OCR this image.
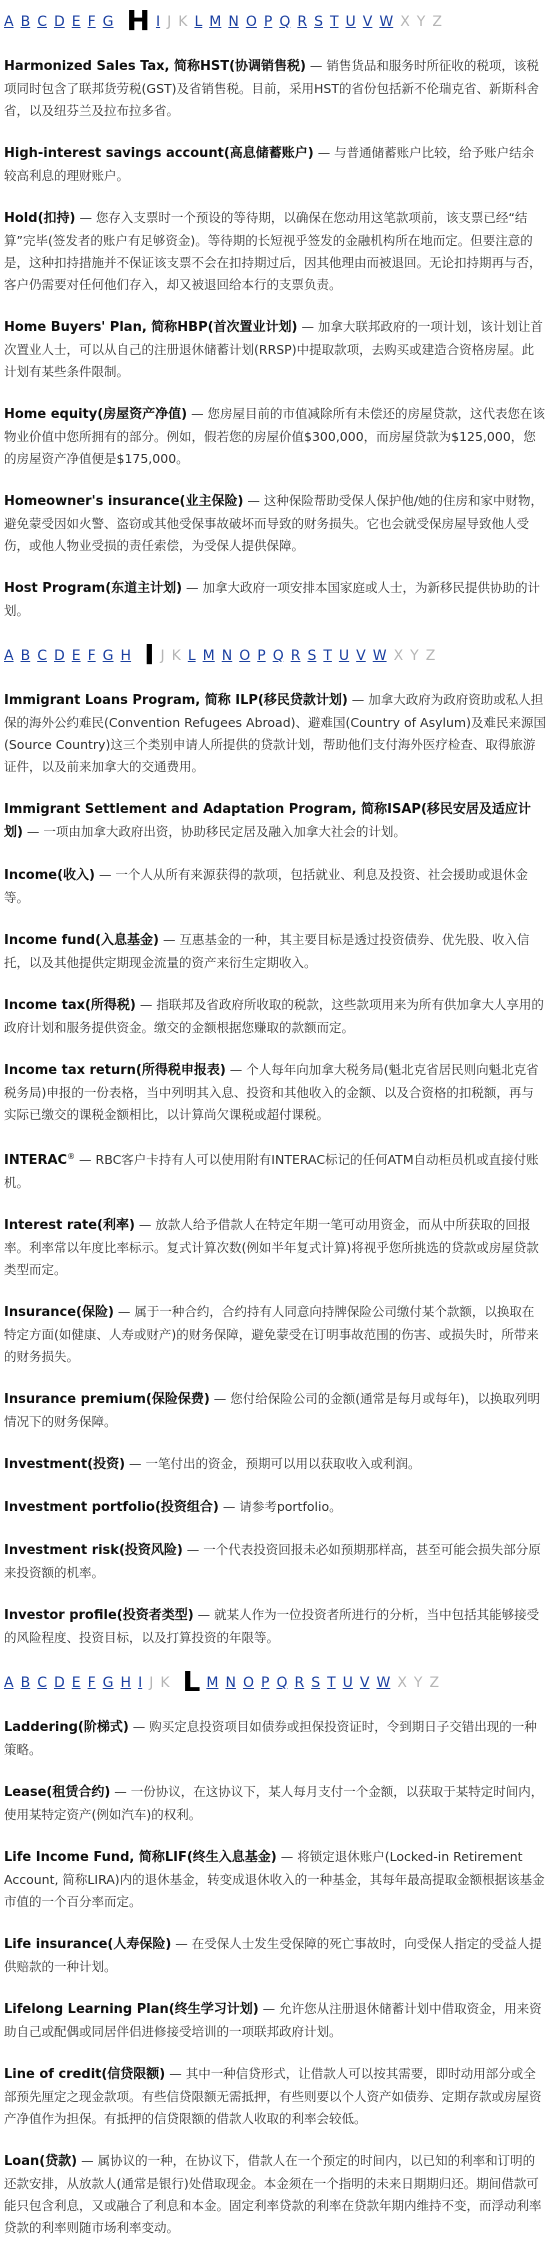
A B C D E F G H I J K L M N O P Q R S T U V W X Y Z

Harmonized Sales Tax, 简称HST(协调销售税) — 销售货品和服务时所征收的税项，该税项同时包含了联邦货劳税(GST)及省销售税。目前，采用HST的省份包括新不伦瑞克省、新斯科舍省，以及纽芬兰及拉布拉多省。

High-interest savings account(高息储蓄账户) — 与普通储蓄账户比较，给予账户结余较高利息的理财账户。

Hold(扣持) — 您存入支票时一个预设的等待期，以确保在您动用这笔款项前，该支票已经“结算”完毕(签发者的账户有足够资金)。等待期的长短视乎签发的金融机构所在地而定。但要注意的是，这种扣持措施并不保证该支票不会在扣持期过后，因其他理由而被退回。无论扣持期再与否，客户仍需要对任何他们存入，却又被退回给本行的支票负责。

Home Buyers' Plan, 简称HBP(首次置业计划) — 加拿大联邦政府的一项计划，该计划让首次置业人士，可以从自己的注册退休储蓄计划(RRSP)中提取款项，去购买或建造合资格房屋。此计划有某些条件限制。

Home equity(房屋资产净值) — 您房屋目前的市值减除所有未偿还的房屋贷款，这代表您在该物业价值中您所拥有的部分。例如，假若您的房屋价值$300,000，而房屋贷款为$125,000，您的房屋资产净值便是$175,000。

Homeowner's insurance(业主保险) — 这种保险帮助受保人保护他/她的住房和家中财物，避免蒙受因如火警、盗窃或其他受保事故破坏而导致的财务损失。它也会就受保房屋导致他人受伤，或他人物业受损的责任索偿，为受保人提供保障。

Host Program(东道主计划) — 加拿大政府一项安排本国家庭或人士，为新移民提供协助的计划。

A B C D E F G H I J K L M N O P Q R S T U V W X Y Z

Immigrant Loans Program, 简称 ILP(移民贷款计划) — 加拿大政府为政府资助或私人担保的海外公约难民(Convention Refugees Abroad)、避难国(Country of Asylum)及难民来源国(Source Country)这三个类别申请人所提供的贷款计划，帮助他们支付海外医疗检查、取得旅游证件，以及前来加拿大的交通费用。

Immigrant Settlement and Adaptation Program, 简称ISAP(移民安居及适应计划) — 一项由加拿大政府出资，协助移民定居及融入加拿大社会的计划。

Income(收入) — 一个人从所有来源获得的款项，包括就业、利息及投资、社会援助或退休金等。

Income fund(入息基金) — 互惠基金的一种，其主要目标是透过投资债券、优先股、收入信托，以及其他提供定期现金流量的资产来衍生定期收入。

Income tax(所得税) — 指联邦及省政府所收取的税款，这些款项用来为所有供加拿大人享用的政府计划和服务提供资金。缴交的金额根据您赚取的款额而定。

Income tax return(所得税申报表) — 个人每年向加拿大税务局(魁北克省居民则向魁北克省税务局)申报的一份表格，当中列明其入息、投资和其他收入的金额、以及合资格的扣税额，再与实际已缴交的课税金额相比，以计算尚欠课税或超付课税。

INTERAC® — RBC客户卡持有人可以使用附有INTERAC标记的任何ATM自动柜员机或直接付账机。

Interest rate(利率) — 放款人给予借款人在特定年期一笔可动用资金，而从中所获取的回报率。利率常以年度比率标示。复式计算次数(例如半年复式计算)将视乎您所挑选的贷款或房屋贷款类型而定。

Insurance(保险) — 属于一种合约，合约持有人同意向持牌保险公司缴付某个款额，以换取在特定方面(如健康、人寿或财产)的财务保障，避免蒙受在订明事故范围的伤害、或损失时，所带来的财务损失。

Insurance premium(保险保费) — 您付给保险公司的金额(通常是每月或每年)，以换取列明情况下的财务保障。

Investment(投资) — 一笔付出的资金，预期可以用以获取收入或利润。

Investment portfolio(投资组合) — 请参考portfolio。

Investment risk(投资风险) — 一个代表投资回报未必如预期那样高，甚至可能会损失部分原来投资额的机率。

Investor profile(投资者类型) — 就某人作为一位投资者所进行的分析，当中包括其能够接受的风险程度、投资目标，以及打算投资的年限等。

A B C D E F G H I J K L M N O P Q R S T U V W X Y Z

Laddering(阶梯式) — 购买定息投资项目如债券或担保投资证时，令到期日子交错出现的一种策略。

Lease(租赁合约) — 一份协议，在这协议下，某人每月支付一个金额，以获取于某特定时间内，使用某特定资产(例如汽车)的权利。

Life Income Fund, 简称LIF(终生入息基金) — 将锁定退休账户(Locked-in Retirement Account, 简称LIRA)内的退休基金，转变成退休收入的一种基金，其每年最高提取金额根据该基金市值的一个百分率而定。

Life insurance(人寿保险) — 在受保人士发生受保障的死亡事故时，向受保人指定的受益人提供赔款的一种计划。

Lifelong Learning Plan(终生学习计划) — 允许您从注册退休储蓄计划中借取资金，用来资助自己或配偶或同居伴侣进修接受培训的一项联邦政府计划。

Line of credit(信贷限额) — 其中一种信贷形式，让借款人可以按其需要，即时动用部分或全部预先厘定之现金款项。有些信贷限额无需抵押，有些则要以个人资产如债券、定期存款或房屋资产净值作为担保。有抵押的信贷限额的借款人收取的利率会较低。

Loan(贷款) — 属协议的一种，在协议下，借款人在一个预定的时间内，以已知的利率和订明的还款安排，从放款人(通常是银行)处借取现金。本金须在一个指明的未来日期期归还。期间借款可能只包含利息，又或融合了利息和本金。固定利率贷款的利率在贷款年期内维持不变，而浮动利率贷款的利率则随市场利率变动。
